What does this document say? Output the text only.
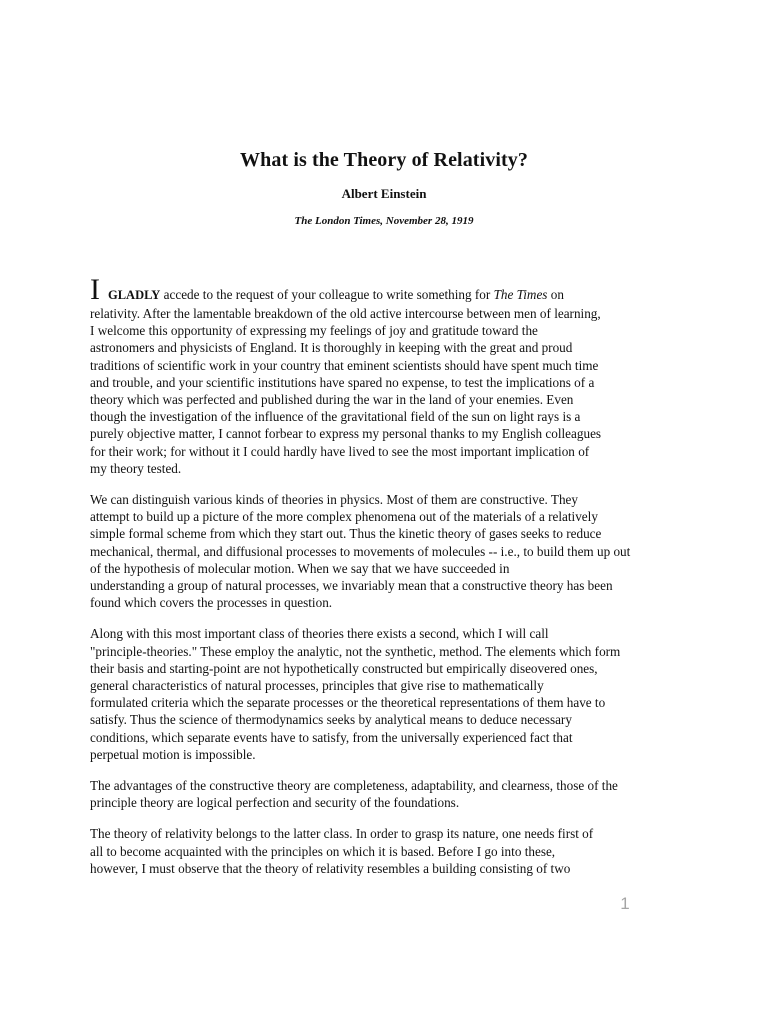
What is the Theory of Relativity?
Albert Einstein
The London Times, November 28, 1919
IGLADLY accede to the request of your colleague to write something for The Times on
relativity. After the lamentable breakdown of the old active intercourse between men of learning,
I welcome this opportunity of expressing my feelings of joy and gratitude toward the
astronomers and physicists of England. It is thoroughly in keeping with the great and proud
traditions of scientific work in your country that eminent scientists should have spent much time
and trouble, and your scientific institutions have spared no expense, to test the implications of a
theory which was perfected and published during the war in the land of your enemies. Even
though the investigation of the influence of the gravitational field of the sun on light rays is a
purely objective matter, I cannot forbear to express my personal thanks to my English colleagues
for their work; for without it I could hardly have lived to see the most important implication of
my theory tested.
We can distinguish various kinds of theories in physics. Most of them are constructive. They
attempt to build up a picture of the more complex phenomena out of the materials of a relatively
simple formal scheme from which they start out. Thus the kinetic theory of gases seeks to reduce
mechanical, thermal, and diffusional processes to movements of molecules -- i.e., to build them up out
of the hypothesis of molecular motion. When we say that we have succeeded in
understanding a group of natural processes, we invariably mean that a constructive theory has been
found which covers the processes in question.
Along with this most important class of theories there exists a second, which I will call
"principle-theories." These employ the analytic, not the synthetic, method. The elements which form
their basis and starting-point are not hypothetically constructed but empirically diseovered ones,
general characteristics of natural processes, principles that give rise to mathematically
formulated criteria which the separate processes or the theoretical representations of them have to
satisfy. Thus the science of thermodynamics seeks by analytical means to deduce necessary
conditions, which separate events have to satisfy, from the universally experienced fact that
perpetual motion is impossible.
The advantages of the constructive theory are completeness, adaptability, and clearness, those of the
principle theory are logical perfection and security of the foundations.
The theory of relativity belongs to the latter class. In order to grasp its nature, one needs first of
all to become acquainted with the principles on which it is based. Before I go into these,
however, I must observe that the theory of relativity resembles a building consisting of two
1
